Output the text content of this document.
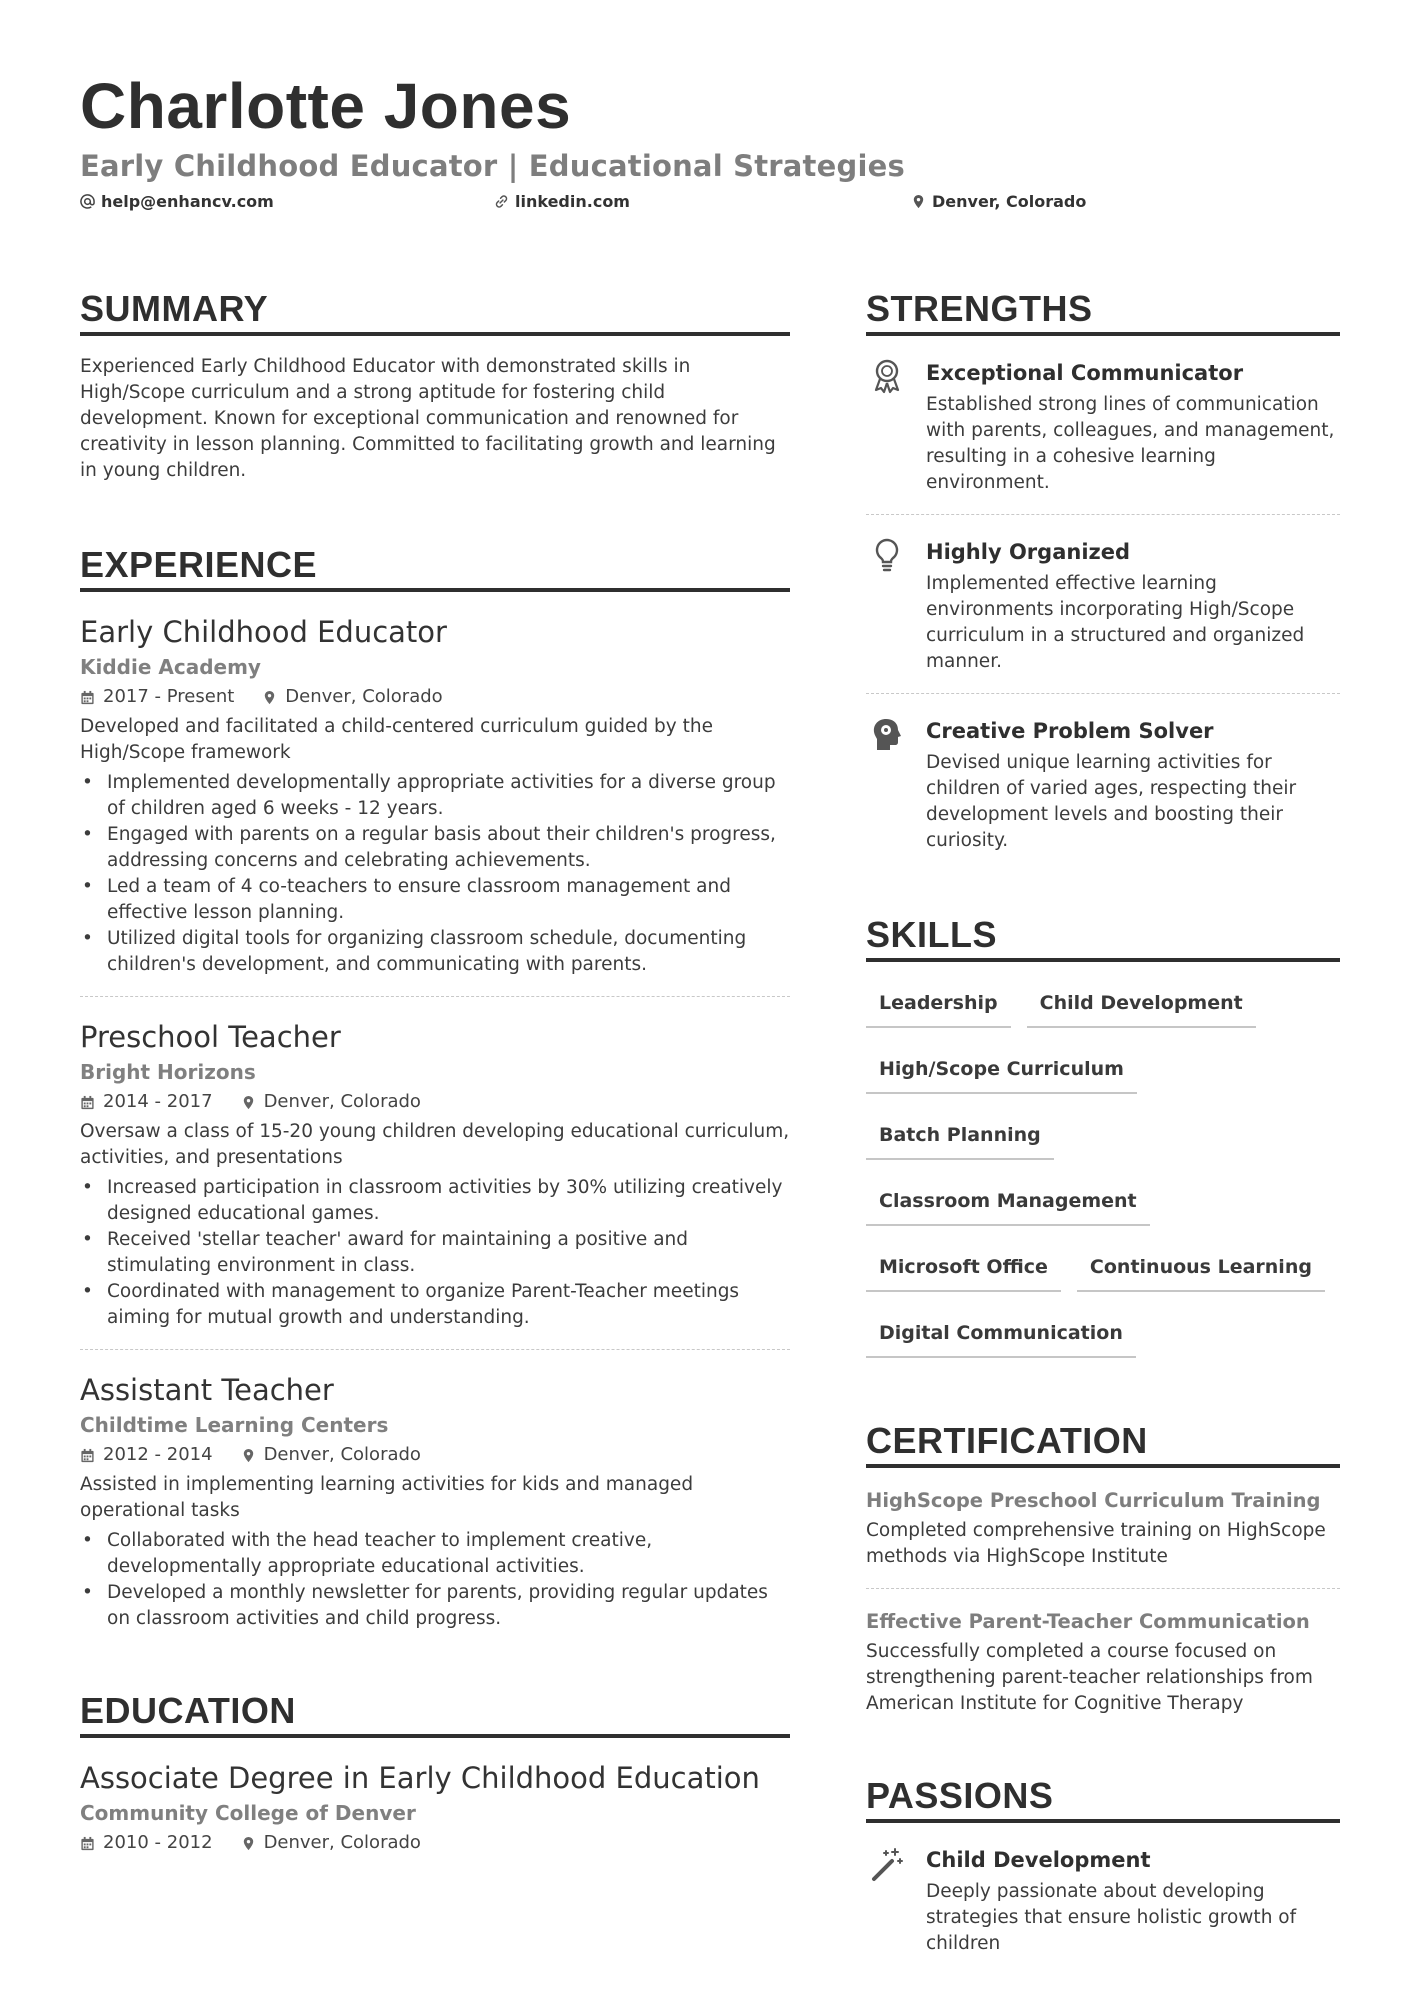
Charlotte Jones
Early Childhood Educator | Educational Strategies
help@enhancv.com	linkedin.com	Denver, Colorado
SUMMARY

Experienced Early Childhood Educator with demonstrated skills in High/Scope curriculum and a strong aptitude for fostering child development. Known for exceptional communication and renowned for creativity in lesson planning. Committed to facilitating growth and learning in young children.

EXPERIENCE
Early Childhood Educator
Kiddie Academy
2017 - Present	Denver, Colorado

Developed and facilitated a child-centered curriculum guided by the High/Scope framework

• Implemented developmentally appropriate activities for a diverse group of children aged 6 weeks - 12 years.
• Engaged with parents on a regular basis about their children's progress, addressing concerns and celebrating achievements.
• Led a team of 4 co-teachers to ensure classroom management and effective lesson planning.
• Utilized digital tools for organizing classroom schedule, documenting children's development, and communicating with parents.
Preschool Teacher
Bright Horizons
2014 - 2017	Denver, Colorado

Oversaw a class of 15-20 young children developing educational curriculum, activities, and presentations

• Increased participation in classroom activities by 30% utilizing creatively designed educational games.
• Received 'stellar teacher' award for maintaining a positive and stimulating environment in class.
• Coordinated with management to organize Parent-Teacher meetings aiming for mutual growth and understanding.
Assistant Teacher
Childtime Learning Centers
2012 - 2014	Denver, Colorado

Assisted in implementing learning activities for kids and managed operational tasks

• Collaborated with the head teacher to implement creative, developmentally appropriate educational activities.
• Developed a monthly newsletter for parents, providing regular updates on classroom activities and child progress.
EDUCATION
Associate Degree in Early Childhood Education
Community College of Denver
2010 - 2012	Denver, Colorado
STRENGTHS
Exceptional Communicator

Established strong lines of communication with parents, colleagues, and management, resulting in a cohesive learning environment.

Highly Organized

Implemented effective learning environments incorporating High/Scope curriculum in a structured and organized manner.

Creative Problem Solver

Devised unique learning activities for children of varied ages, respecting their development levels and boosting their curiosity.

SKILLS
Leadership	Child Development
High/Scope Curriculum
Batch Planning
Classroom Management
Microsoft Office	Continuous Learning
Digital Communication
CERTIFICATION
HighScope Preschool Curriculum Training

Completed comprehensive training on HighScope methods via HighScope Institute

Effective Parent-Teacher Communication

Successfully completed a course focused on strengthening parent-teacher relationships from American Institute for Cognitive Therapy

PASSIONS
Child Development

Deeply passionate about developing strategies that ensure holistic growth of children
